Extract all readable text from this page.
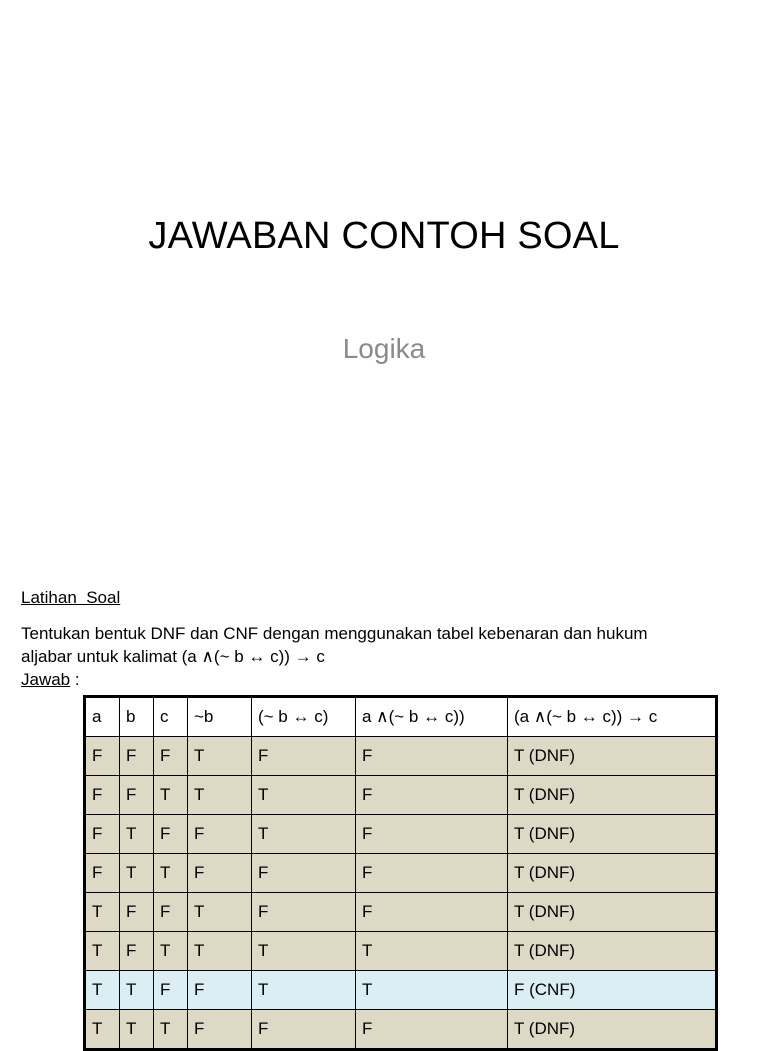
JAWABAN CONTOH SOAL
Logika
Latihan  Soal
Tentukan bentuk DNF dan CNF dengan menggunakan tabel kebenaran dan hukum
aljabar untuk kalimat (a ∧(~ b ↔ c)) → c
Jawab :
a	b	c	~b	(~ b ↔ c)	a ∧(~ b ↔ c))	(a ∧(~ b ↔ c)) → c
F	F	F	T	F	F	T (DNF)
F	F	T	T	T	F	T (DNF)
F	T	F	F	T	F	T (DNF)
F	T	T	F	F	F	T (DNF)
T	F	F	T	F	F	T (DNF)
T	F	T	T	T	T	T (DNF)
T	T	F	F	T	T	F (CNF)
T	T	T	F	F	F	T (DNF)
